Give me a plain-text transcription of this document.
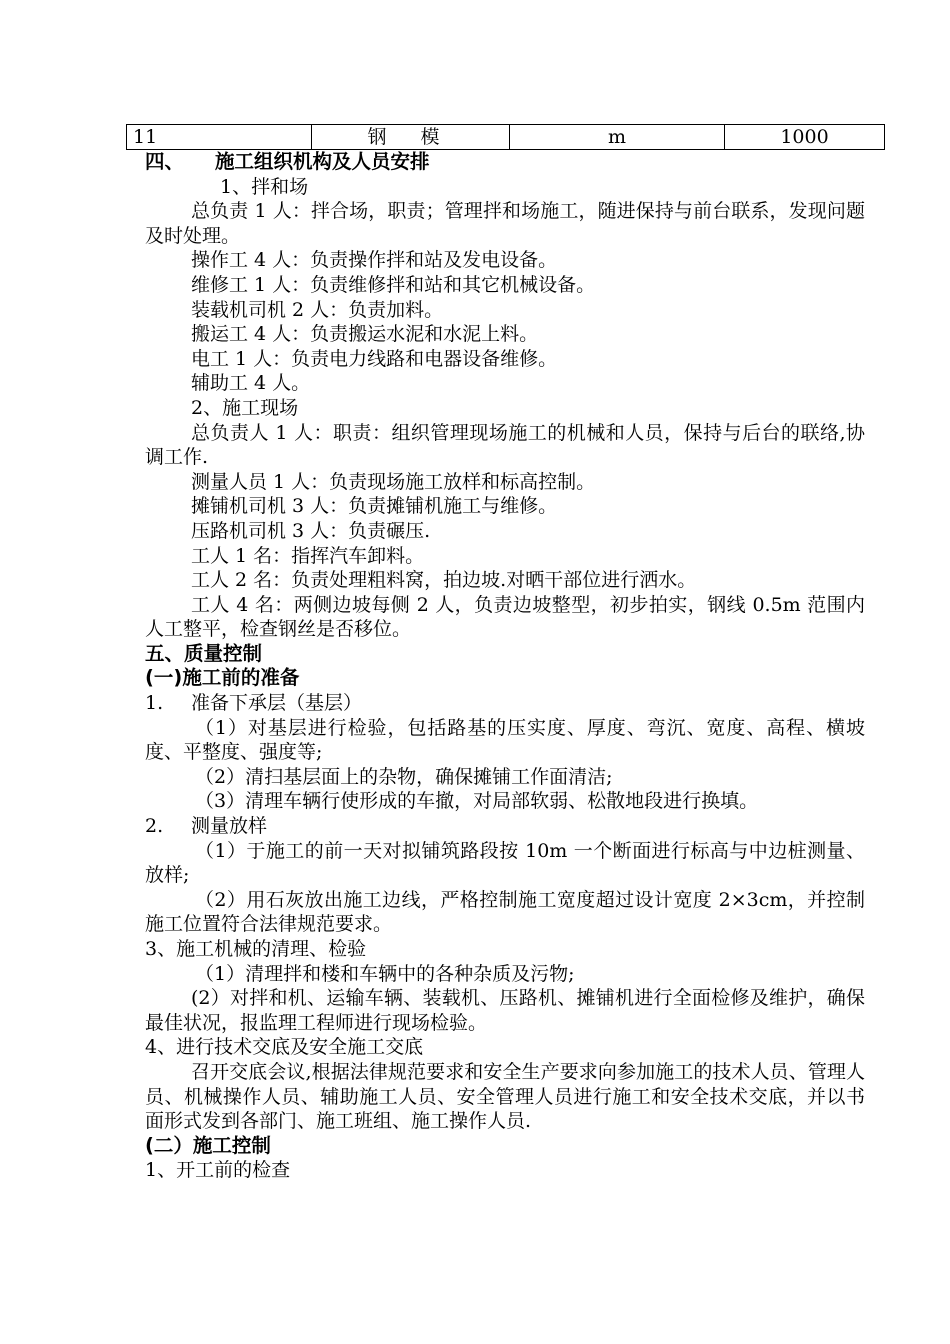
11	钢 模	m	1000

四、 施工组织机构及人员安排

1、拌和场

总负责 1 人：拌合场，职责；管理拌和场施工，随进保持与前台联系，发现问题及时处理。

操作工 4 人：负责操作拌和站及发电设备。

维修工 1 人：负责维修拌和站和其它机械设备。

装载机司机 2 人：负责加料。

搬运工 4 人：负责搬运水泥和水泥上料。

电工 1 人：负责电力线路和电器设备维修。

辅助工 4 人。

2、施工现场

总负责人 1 人：职责：组织管理现场施工的机械和人员，保持与后台的联络,协调工作.

测量人员 1 人：负责现场施工放样和标高控制。

摊铺机司机 3 人：负责摊铺机施工与维修。

压路机司机 3 人：负责碾压.

工人 1 名：指挥汽车卸料。

工人 2 名：负责处理粗料窝，拍边坡.对晒干部位进行洒水。

工人 4 名：两侧边坡每侧 2 人，负责边坡整型，初步拍实，钢线 0.5m 范围内人工整平，检查钢丝是否移位。

五、质量控制

(一)施工前的准备

1. 准备下承层（基层）

（1）对基层进行检验，包括路基的压实度、厚度、弯沉、宽度、高程、横坡度、平整度、强度等;

（2）清扫基层面上的杂物，确保摊铺工作面清洁;

（3）清理车辆行使形成的车撤，对局部软弱、松散地段进行换填。

2. 测量放样

（1）于施工的前一天对拟铺筑路段按 10m 一个断面进行标高与中边桩测量、放样;

（2）用石灰放出施工边线，严格控制施工宽度超过设计宽度 2×3cm，并控制施工位置符合法律规范要求。

3、施工机械的清理、检验

（1）清理拌和楼和车辆中的各种杂质及污物;

(2）对拌和机、运输车辆、装载机、压路机、摊铺机进行全面检修及维护，确保最佳状况，报监理工程师进行现场检验。

4、进行技术交底及安全施工交底

召开交底会议,根据法律规范要求和安全生产要求向参加施工的技术人员、管理人员、机械操作人员、辅助施工人员、安全管理人员进行施工和安全技术交底，并以书面形式发到各部门、施工班组、施工操作人员.

(二）施工控制

1、开工前的检查
